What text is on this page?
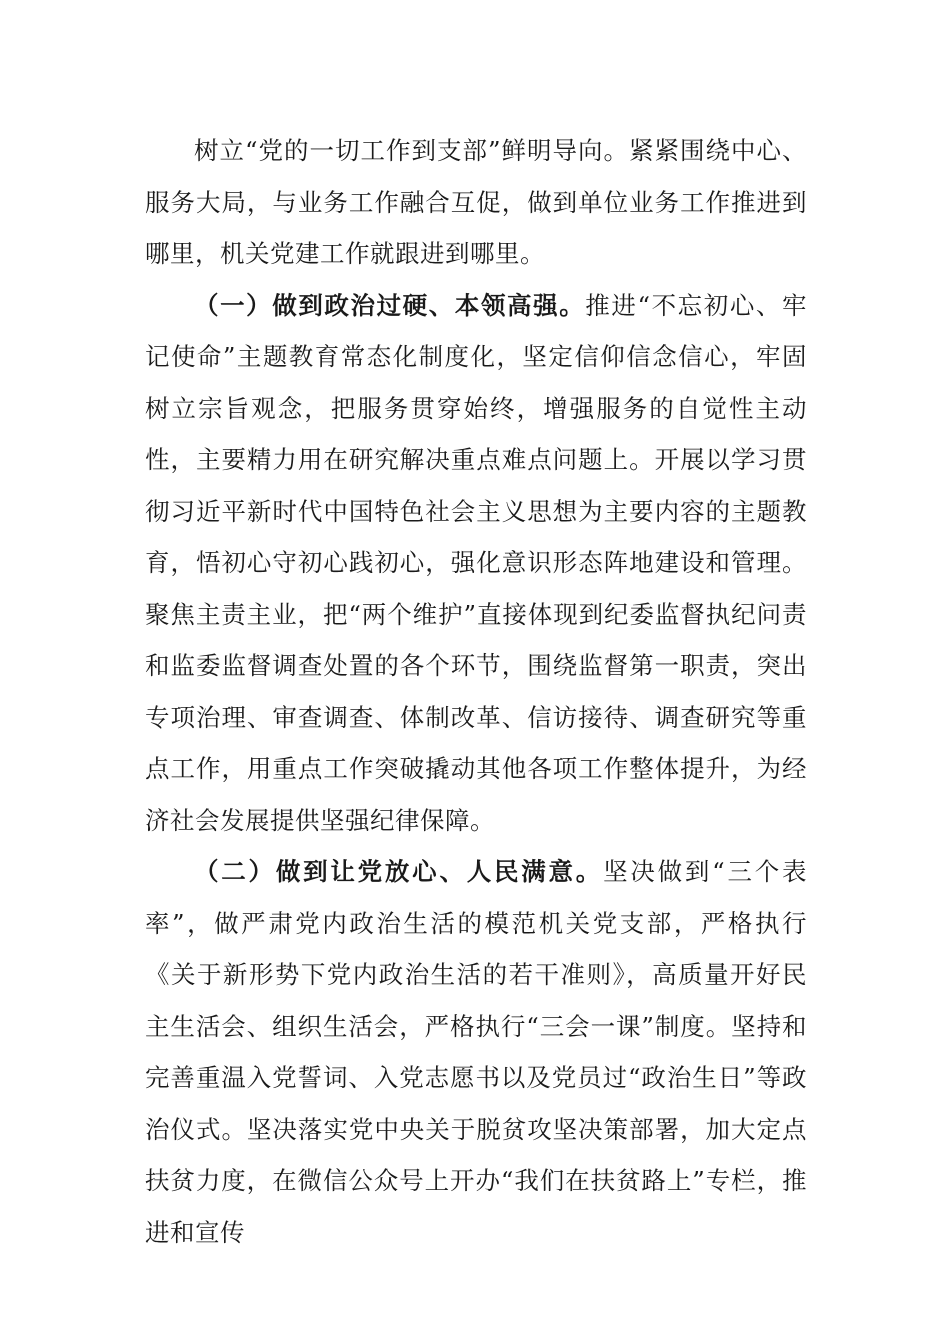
树立“党的一切工作到支部”鲜明导向。紧紧围绕中心、服务大局，与业务工作融合互促，做到单位业务工作推进到哪里，机关党建工作就跟进到哪里。

（一）做到政治过硬、本领高强。推进“不忘初心、牢记使命”主题教育常态化制度化，坚定信仰信念信心，牢固树立宗旨观念，把服务贯穿始终，增强服务的自觉性主动性，主要精力用在研究解决重点难点问题上。开展以学习贯彻习近平新时代中国特色社会主义思想为主要内容的主题教育，悟初心守初心践初心，强化意识形态阵地建设和管理。聚焦主责主业，把“两个维护”直接体现到纪委监督执纪问责和监委监督调查处置的各个环节，围绕监督第一职责，突出专项治理、审查调查、体制改革、信访接待、调查研究等重点工作，用重点工作突破撬动其他各项工作整体提升，为经济社会发展提供坚强纪律保障。

（二）做到让党放心、人民满意。坚决做到“三个表率”，做严肃党内政治生活的模范机关党支部，严格执行《关于新形势下党内政治生活的若干准则》，高质量开好民主生活会、组织生活会，严格执行“三会一课”制度。坚持和完善重温入党誓词、入党志愿书以及党员过“政治生日”等政治仪式。坚决落实党中央关于脱贫攻坚决策部署，加大定点扶贫力度，在微信公众号上开办“我们在扶贫路上”专栏，推进和宣传
